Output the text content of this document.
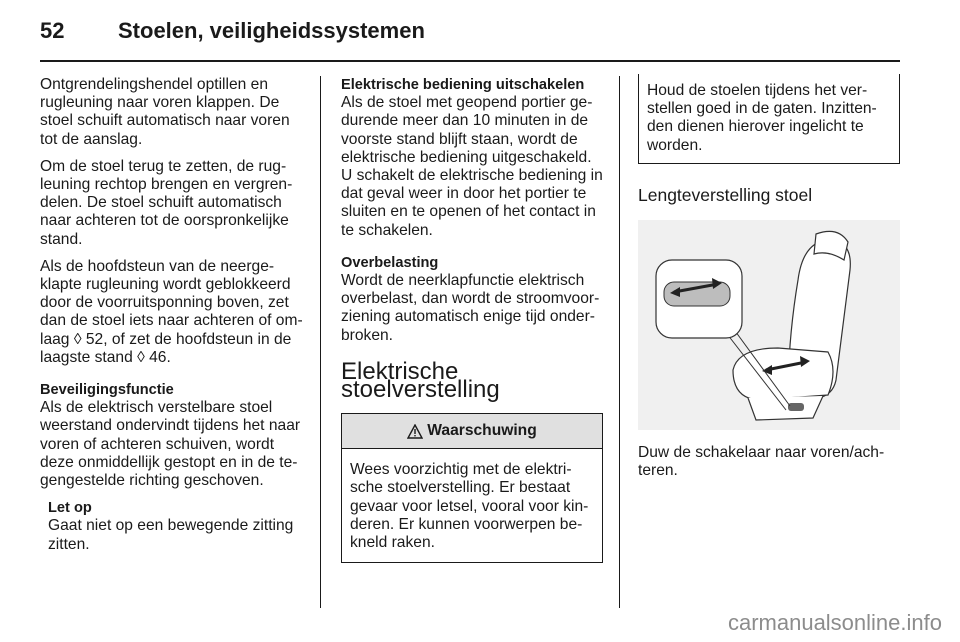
52 Stoelen, veiligheidssystemen

Ontgrendelingshendel optillen en rugleuning naar voren klappen. De stoel schuift automatisch naar voren tot de aanslag.

Om de stoel terug te zetten, de rug-leuning rechtop brengen en vergren-delen. De stoel schuift automatisch naar achteren tot de oorspronkelijke stand.

Als de hoofdsteun van de neerge-klapte rugleuning wordt geblokkeerd door de voorruitsponning boven, zet dan de stoel iets naar achteren of om-laag ◊ 52, of zet de hoofdsteun in de laagste stand ◊ 46.

Beveiligingsfunctie

Als de elektrisch verstelbare stoel weerstand ondervindt tijdens het naar voren of achteren schuiven, wordt deze onmiddellijk gestopt en in de te-gengestelde richting geschoven.

Let op
Gaat niet op een bewegende zitting zitten.
Elektrische bediening uitschakelen

Als de stoel met geopend portier ge-durende meer dan 10 minuten in de voorste stand blijft staan, wordt de elektrische bediening uitgeschakeld. U schakelt de elektrische bediening in dat geval weer in door het portier te sluiten en te openen of het contact in te schakelen.

Overbelasting

Wordt de neerklapfunctie elektrisch overbelast, dan wordt de stroomvoor-ziening automatisch enige tijd onder-broken.

Elektrische stoelverstelling
Waarschuwing
Wees voorzichtig met de elektri-sche stoelverstelling. Er bestaat gevaar voor letsel, vooral voor kin-deren. Er kunnen voorwerpen be-kneld raken.
Houd de stoelen tijdens het ver-stellen goed in de gaten. Inzitten-den dienen hierover ingelicht te worden.
Lengteverstelling stoel
Duw de schakelaar naar voren/ach-teren.
carmanualsonline.info
